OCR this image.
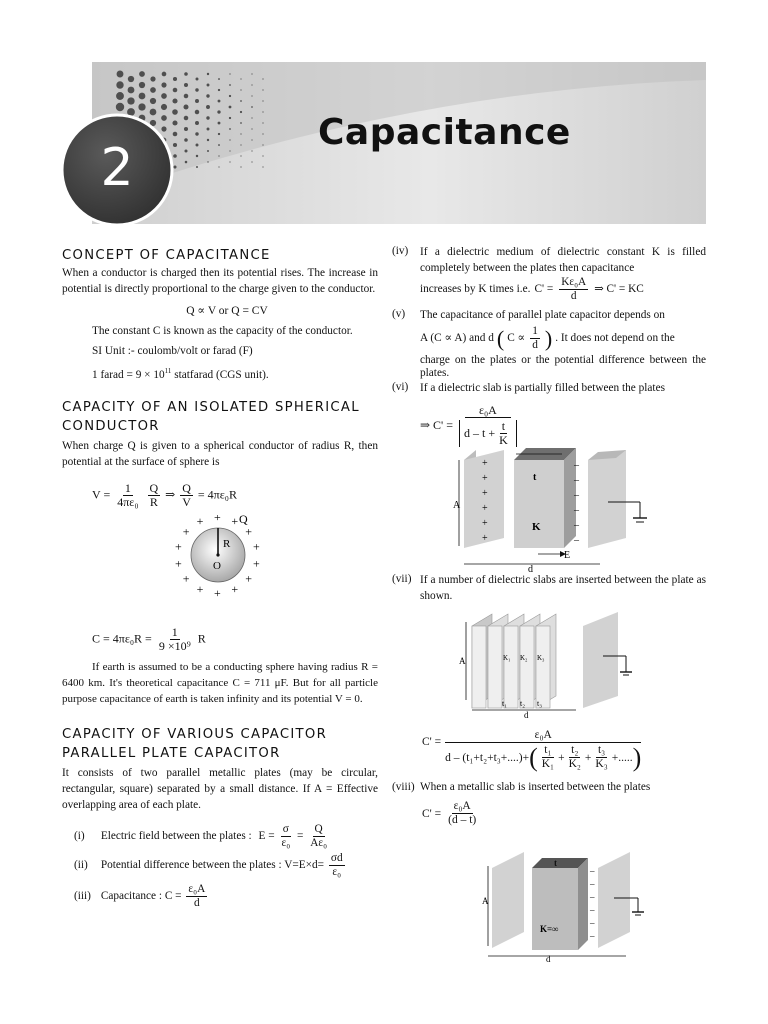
Capacitance
2
CONCEPT OF CAPACITANCE

When a conductor is charged then its potential rises. The increase in potential is directly proportional to the charge given to the conductor.

Q ∝ V or Q = CV
The constant C is known as the capacity of the conductor.
SI Unit :- coulomb/volt or farad (F)
1 farad = $9 \times 10^{11}$ statfarad (CGS unit).
CAPACITY OF AN ISOLATED SPHERICAL CONDUCTOR

When charge Q is given to a spherical conductor of radius R, then potential at the surface of sphere is

$V = \frac{1}{\text{4πε₀}}$
$\frac{Q}{R}$ ⇒ $\frac{Q}{V} = 4\pi\varepsilon_0R$
R
O
Q
+ +
+
+
+
+
+
+
+
+
+
+
+
+
$C = 4\pi\varepsilon_0R = \frac{1}{\text{9 ×10⁹}}$ R

If earth is assumed to be a conducting sphere having radius R = 6400 km. It's theoretical capacitance C = 711 μF. But for all particle purpose capacitance of earth is taken infinity and its potential V = 0.

CAPACITY OF VARIOUS CAPACITOR PARALLEL PLATE CAPACITOR

It consists of two parallel metallic plates (may be circular, rectangular, square) separated by a small distance. If A = Effective overlapping area of each plate.

(i) Electric field between the plates : $E = \frac{\sigma}{\text{ε₀}} = \frac{Q}{\text{Aε₀}}$
(ii) Potential difference between the plates : $V=E\times d= \frac{\sigma d}{\text{ε₀}}$
(iii) Capacitance : $C = \frac{\text{ε₀A}}{d}$
(iv)	If a dielectric medium of dielectric constant K is filled completely between the plates then capacitance
increases by K times i.e. $C' = \frac{\text{Kε₀A}}{d}$ ⇒ C' = KC
(v)	The capacitance of parallel plate capacitor depends on
A (C ∝ A) and d ( $C \propto \frac{1}{d}$ ) . It does not depend on the
charge on the plates or the potential difference between the plates.
(vi)	If a dielectric slab is partially filled between the plates
⇒ $C' = \frac{\text{ε₀A}}{d - t + \frac{t}{K}}$
A
t
K
E
d
+
+
+
+
+
+
–
–
–
–
–
–
(vii) If a number of dielectric slabs are inserted between the plate as shown.
A
t₁ t₂ t₃
d
K₁ K₂ K₃
C' =
ε₀A
d – (t₁+t₂+t₃+....)+ ( $\frac{\text{t₁}}{\text{K₁}} + \frac{\text{t₂}}{\text{K₂}} + \frac{\text{t₃}}{\text{K₃}}$ +..... )
(viii) When a metallic slab is inserted between the plates
$C' = \frac{\text{ε₀A}}{(d - t)}$
A
t
K=∞
d
–
–
–
–
–
–
